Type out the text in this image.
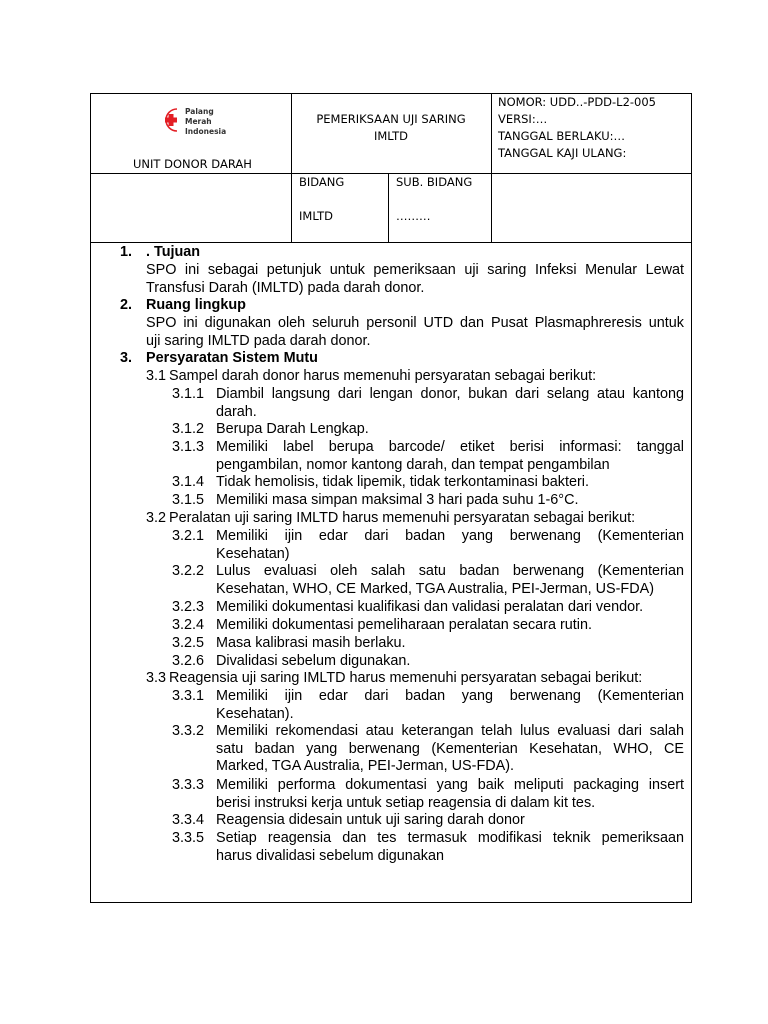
Palang
Merah
Indonesia
UNIT DONOR DARAH
PEMERIKSAAN UJI SARING
IMLTD
NOMOR: UDD..-PDD-L2-005
VERSI:…
TANGGAL BERLAKU:…
TANGGAL KAJI ULANG:
BIDANG
IMLTD
SUB. BIDANG
………
1. . Tujuan
SPO ini sebagai petunjuk untuk pemeriksaan uji saring Infeksi Menular Lewat
Transfusi Darah (IMLTD) pada darah donor.
2. Ruang lingkup
SPO ini digunakan oleh seluruh personil UTD dan Pusat Plasmaphreresis untuk
uji saring IMLTD pada darah donor.
3. Persyaratan Sistem Mutu
3.1 Sampel darah donor harus memenuhi persyaratan sebagai berikut:
3.1.1 Diambil langsung dari lengan donor, bukan dari selang atau kantong
darah.
3.1.2 Berupa Darah Lengkap.
3.1.3 Memiliki label berupa barcode/ etiket berisi informasi: tanggal
pengambilan, nomor kantong darah, dan tempat pengambilan
3.1.4 Tidak hemolisis, tidak lipemik, tidak terkontaminasi bakteri.
3.1.5 Memiliki masa simpan maksimal 3 hari pada suhu 1-6°C.
3.2 Peralatan uji saring IMLTD harus memenuhi persyaratan sebagai berikut:
3.2.1 Memiliki ijin edar dari badan yang berwenang (Kementerian
Kesehatan)
3.2.2 Lulus evaluasi oleh salah satu badan berwenang (Kementerian
Kesehatan, WHO, CE Marked, TGA Australia, PEI-Jerman, US-FDA)
3.2.3 Memiliki dokumentasi kualifikasi dan validasi peralatan dari vendor.
3.2.4 Memiliki dokumentasi pemeliharaan peralatan secara rutin.
3.2.5 Masa kalibrasi masih berlaku.
3.2.6 Divalidasi sebelum digunakan.
3.3 Reagensia uji saring IMLTD harus memenuhi persyaratan sebagai berikut:
3.3.1 Memiliki ijin edar dari badan yang berwenang (Kementerian
Kesehatan).
3.3.2 Memiliki rekomendasi atau keterangan telah lulus evaluasi dari salah
satu badan yang berwenang (Kementerian Kesehatan, WHO, CE
Marked, TGA Australia, PEI-Jerman, US-FDA).
3.3.3 Memiliki performa dokumentasi yang baik meliputi packaging insert
berisi instruksi kerja untuk setiap reagensia di dalam kit tes.
3.3.4 Reagensia didesain untuk uji saring darah donor
3.3.5 Setiap reagensia dan tes termasuk modifikasi teknik pemeriksaan
harus divalidasi sebelum digunakan
